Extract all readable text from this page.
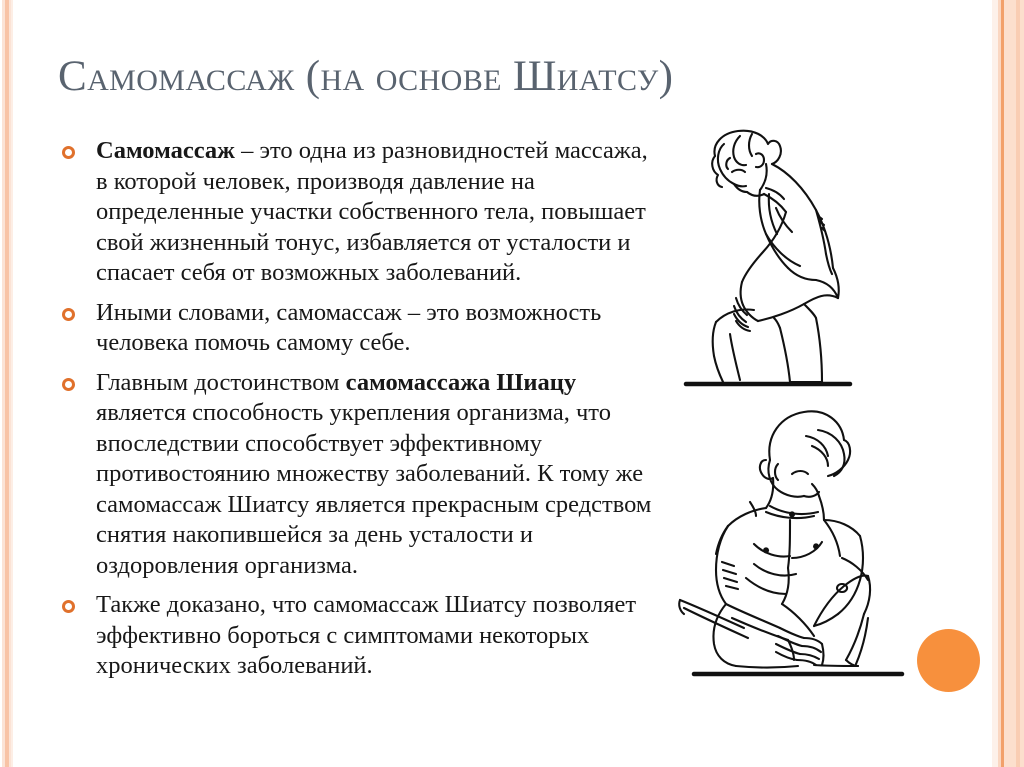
Самомассаж (на основе Шиатсу)
Самомассаж – это одна из разновидностей массажа, в которой человек, производя давление на определенные участки собственного тела, повышает свой жизненный тонус, избавляется от усталости и спасает себя от возможных заболеваний.
Иными словами, самомассаж – это возможность человека помочь самому себе.
Главным достоинством самомассажа Шиацу является способность укрепления организма, что впоследствии способствует эффективному противостоянию множеству заболеваний. К тому же самомассаж Шиатсу является прекрасным средством снятия накопившейся за день усталости и оздоровления организма.
Также доказано, что самомассаж Шиатсу позволяет эффективно бороться с симптомами некоторых хронических заболеваний.
